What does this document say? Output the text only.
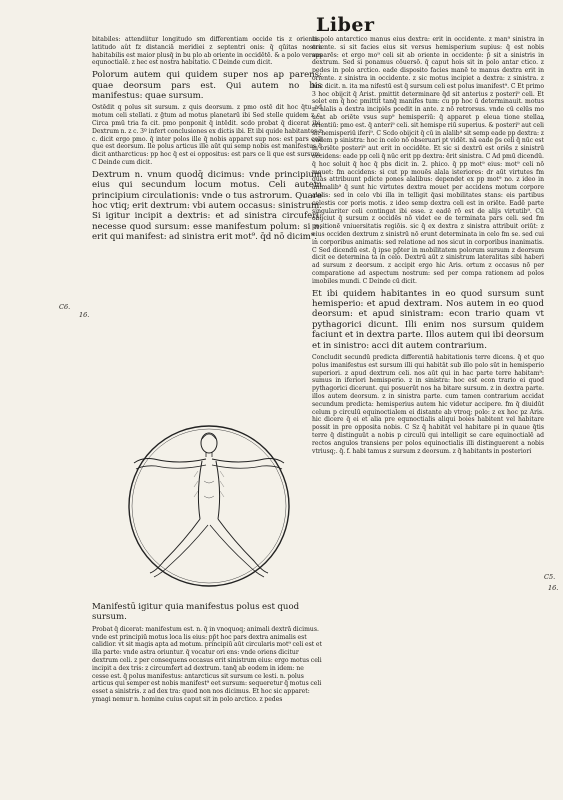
Liber
C6.
16.
C5.
16.

bitabiles: attendiitur longitudo sm differentiam occide tis z orientis. latitudo aût fz distanciā meridiei z septentri onis: q̄ qūitas nostra habitabilis est maior plusq̄ in bu plo ab oriente in occidētē. & a polo versus equnoctialē. z hec est nostra habitatio. C Deinde cum dicit.

Polorum autem qui quidem super nos ap parens: quae deorsum pars est. Qui autem no bis manifestus: quae sursum.

Ostēdit q polus sit sursum. z quis deorsum. z pmo ostē dit hoc q̄tu ad motum celi stellati. z ḡtum ad motus planetarū ibi Sed stelle quidem z c. Circa pmū tria fa cit. pmo ponponit q̄ intēdit. scdo probat q̄ dicerat ibi. Dextrum n. z c. 3º infert conclusiones ex dictis ibi. Et ibi quide habitantes z c. dicit ergo pmo. q̄ inter polos ille q̄ nobis apparet sup nos: est pars celi que est deorsum. Ile polus articus ille aūt qui semp nobis est manifestus q̄ dicit antharcticus: pp hoc q̄ est ei oppositus: est pars ce li que est sursum. C Deinde cum dicit.

Dextrum n. vnum quodq̄ dicimus: vnde principium eius qui secundum locum motus. Celi autem principium circulationis: vnde o tus astrorum. Quare hoc vtiq; erit dextrum: vbi autem occasus: sinistrum. Si igitur incipit a dextris: et ad sinistra circuferi: necesse quod sursum: esse manifestum polum: si n. erit qui manifest: ad sinistra erit mot⁹. q̄d nō dicim⁹.

Manifestū igitur quia manifestus polus est quod sursum.

Probat q̄ dicerat: manifestum est. n. q̄ in vnoquoq; animali dextrā dicimus. vnde est principiū motus loca lis eius: pp̄t hoc pars dextra animalis est calidior. vt sit magis apta ad motum. principiū aūt circularis mot⁹ celi est et illa parte: vnde astra oriuntur. q̄ vocatur ori ens: vnde oriens dicitur dextrum celi. z per consequens occasus erit sinistrum eius: ergo motus celi incipit a dex tris: z circumfert ad dextrum. tanq̄ ab eodem in idem: ne cesse est. q̄ polus manifestus: antarcticus sit sursum ce lesti. n. polus articus qui semper est nobis manifest⁹ eet sursum: sequeretur q̄ motus celi esset a sinistris. z ad dex tra: quod non nos dicimus. Et hoc sic apparet: ymagi nemur n. homine cuius caput sit in polo arctico. z pedes

in polo antarctico manus eius dextra: erit in occidente. z man⁹ sinistra in oriente. si sit facies eius sit versus hemisperium supius: q̄ est nobis apparēs: et ergo mo⁹ celi sit ab oriente in occidente: p̄ sit a sinistris in dextrum. Sed si ponamus cōuersō. q̄ caput hois sit in polo antar ctico. z pedes in polo arctico. eade disposito facies manē te manus dextra erit in oriente. z sinistra in occidente. z sic motus incipiet a dextra: z sinistra. z hoc dicit. n. ita ma nifestū est q̄ sursum celi est polus imanifest⁹. C Et primo 3 hoc obijcit q̄ Arist. pmittit determinare q̄d sit anterius z posteri⁹ celi. Et solet em q̄ hoc pmittit tanq̄ manifes tum: cu pp hoc ū determinauit. motus n. alalis a dextra incipiēs pcedit in ante. z nō retrorsus. vnde cū celūs mo ucat ab oriēte vsus sup⁹ hemisperiū: q̄ apparet p eleua tione stellaꝝ orientiū: pmo est. q̄ anteri⁹ celi. sit hemispe riū superius. & posteri⁹ aut celi sit hemisperiū iferi⁹. C Scdo obijcit q̄ cū in alalib⁹ sit semp eade pp dextra: z eadem p sinistra: hoc in celo nō obseruari pt vidēt. nā eade p̄s celi q̄ nūc est in oriēte posteri⁹ aut erit in occidēte. Et sic si dextrū est oriēs z sinistrū occidens: eade pp celi q̄ nūc erit pp dextra: ērit sinistra. C Ad pmū dicendū. q̄ hoc soluit q̄ hoc q̄ pbs dicit in. 2. phico. q̄ pp mot⁹ eius: mot⁹ celi nō mouet: fm accidens: si cut pp mouēs alala isteriores: dr aūt virtutes fm quas attribuunt pdicte pones alalibus: dependet ex pp mot⁹ no. z ideo in animalib⁹ q̄ sunt hic virtutes dextra mouet per accidens motum corpore alalis: sed in celo vbi illa in telligit q̄asi mobilitates stans: eis partibus celestis cor poris motis. z ideo semp dextra celi est in oriēte. Eadē parte singulariter celi contingat ibi esse. z eadē rō est de alijs virtutib⁹. Cū obijciut q̄ sursum z occidēs nō videt ee de terminata pars celi. sed fm positionē vniuersitatis regiōis. sic q̄ ex dextra z sinistra attribuit oriūt: z eius occiden dextrum z sinistrū nō erunt determinata in celo fm se. sed cui in corporibus animatis: sed relatione ad nos sicut in corporibus inanimatis. C Sed dicendū est. q̄ ipse pp̄ter in mobilitatem polorum sursum z deorsum dicit ee determina ta in celo. Dextrū aūt z sinistrum lateralitas sibi haberi ad sursum z deorsum. z accipit ergo hic Aris. ortum z occasus nō per comparatione ad aspectum nostrum: sed per compa rationem ad polos imobiles mundi. C Deinde cū dicit.

Et ibi quidem habitantes in eo quod sursum sunt hemisperio: et apud dextram. Nos autem in eo quod deorsum: et apud sinistram: econ trario quam vt pythagorici dicunt. Illi enim nos sursum quidem faciunt et in dextra parte. Illos autem qui ibi deorsum et in sinistro: acci dit autem contrarium.

Concludit secundū predicta differentiā habitationis terre dicens. q̄ et quo polus imanifestus est sursum illi qui habitāt sub illo polo sūt in hemisperio superiori. z apud dextrum celi. nos aūt qui in hac parte terre habitam⁹: sumus in iferiori hemisperio. z in sinistra: hoc est econ trario ei quod pythagorici dicerunt. qui posuerūt nos ha bitare sursum. z in dextra parte. illos autem deorsum. z in sinistra parte. cum tamen contrarium accidat secundum predicta: hemisperius autem hic videtur accipere. fm q̄ diuidūt celum p circulū equinoctialem ei distante ab vtroq; polo: z ex hoc pz Aris. hic dicere q̄ ei et alia pre equnoctialis aliqui boies habitent vel habitare possit in pre opposita nobis. C Sz q̄ habitāt vel habitare pi in quaue q̄tis terre q̄ distinguūt a nobis p circulū qui intelligit se care equinoctialē ad rectos angulos transiens per polos equinoctialis illi distinguerent a nobis vtriusq;. q̄. f. habi tamus z sursum z deorsum. z q̄ habitants in posteriori
